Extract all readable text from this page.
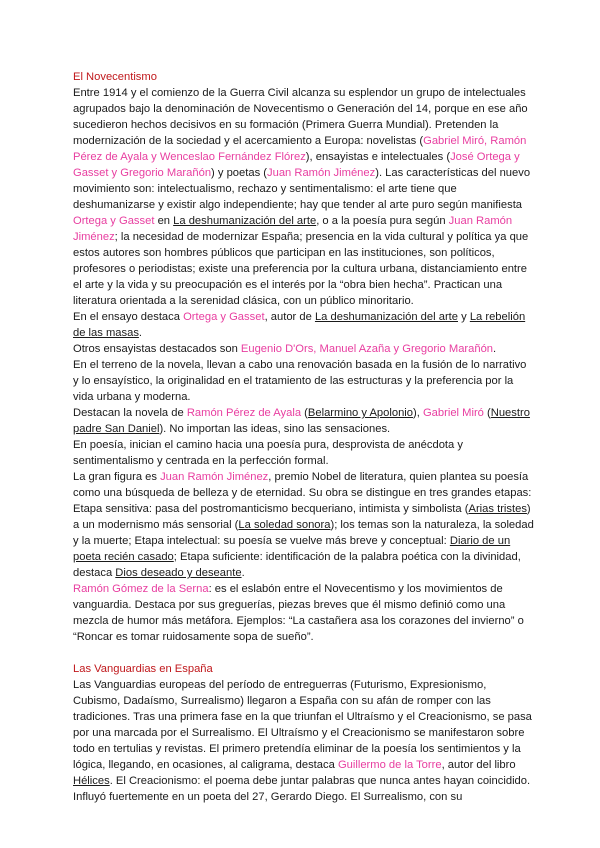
El Novecentismo

Entre 1914 y el comienzo de la Guerra Civil alcanza su esplendor un grupo de intelectuales agrupados bajo la denominación de Novecentismo o Generación del 14, porque en ese año sucedieron hechos decisivos en su formación (Primera Guerra Mundial). Pretenden la modernización de la sociedad y el acercamiento a Europa: novelistas (Gabriel Miró, Ramón Pérez de Ayala y Wenceslao Fernández Flórez), ensayistas e intelectuales (José Ortega y Gasset y Gregorio Marañón) y poetas (Juan Ramón Jiménez). Las características del nuevo movimiento son: intelectualismo, rechazo y sentimentalismo: el arte tiene que deshumanizarse y existir algo independiente; hay que tender al arte puro según manifiesta Ortega y Gasset en La deshumanización del arte, o a la poesía pura según Juan Ramón Jiménez; la necesidad de modernizar España; presencia en la vida cultural y política ya que estos autores son hombres públicos que participan en las instituciones, son políticos, profesores o periodistas; existe una preferencia por la cultura urbana, distanciamiento entre el arte y la vida y su preocupación es el interés por la “obra bien hecha”. Practican una literatura orientada a la serenidad clásica, con un público minoritario.

En el ensayo destaca Ortega y Gasset, autor de La deshumanización del arte y La rebelión de las masas.

Otros ensayistas destacados son Eugenio D'Ors, Manuel Azaña y Gregorio Marañón.

En el terreno de la novela, llevan a cabo una renovación basada en la fusión de lo narrativo y lo ensayístico, la originalidad en el tratamiento de las estructuras y la preferencia por la vida urbana y moderna.

Destacan la novela de Ramón Pérez de Ayala (Belarmino y Apolonio), Gabriel Miró (Nuestro padre San Daniel). No importan las ideas, sino las sensaciones.

En poesía, inician el camino hacia una poesía pura, desprovista de anécdota y sentimentalismo y centrada en la perfección formal.

La gran figura es Juan Ramón Jiménez, premio Nobel de literatura, quien plantea su poesía como una búsqueda de belleza y de eternidad. Su obra se distingue en tres grandes etapas: Etapa sensitiva: pasa del postromanticismo becqueriano, intimista y simbolista (Arias tristes) a un modernismo más sensorial (La soledad sonora); los temas son la naturaleza, la soledad y la muerte; Etapa intelectual: su poesía se vuelve más breve y conceptual: Diario de un poeta recién casado; Etapa suficiente: identificación de la palabra poética con la divinidad, destaca Dios deseado y deseante.

Ramón Gómez de la Serna: es el eslabón entre el Novecentismo y los movimientos de vanguardia. Destaca por sus greguerías, piezas breves que él mismo definió como una mezcla de humor más metáfora. Ejemplos: “La castañera asa los corazones del invierno” o “Roncar es tomar ruidosamente sopa de sueño”.

Las Vanguardias en España

Las Vanguardias europeas del período de entreguerras (Futurismo, Expresionismo, Cubismo, Dadaísmo, Surrealismo) llegaron a España con su afán de romper con las tradiciones. Tras una primera fase en la que triunfan el Ultraísmo y el Creacionismo, se pasa por una marcada por el Surrealismo. El Ultraísmo y el Creacionismo se manifestaron sobre todo en tertulias y revistas. El primero pretendía eliminar de la poesía los sentimientos y la lógica, llegando, en ocasiones, al caligrama, destaca Guillermo de la Torre, autor del libro Hélices. El Creacionismo: el poema debe juntar palabras que nunca antes hayan coincidido. Influyó fuertemente en un poeta del 27, Gerardo Diego. El Surrealismo, con su
